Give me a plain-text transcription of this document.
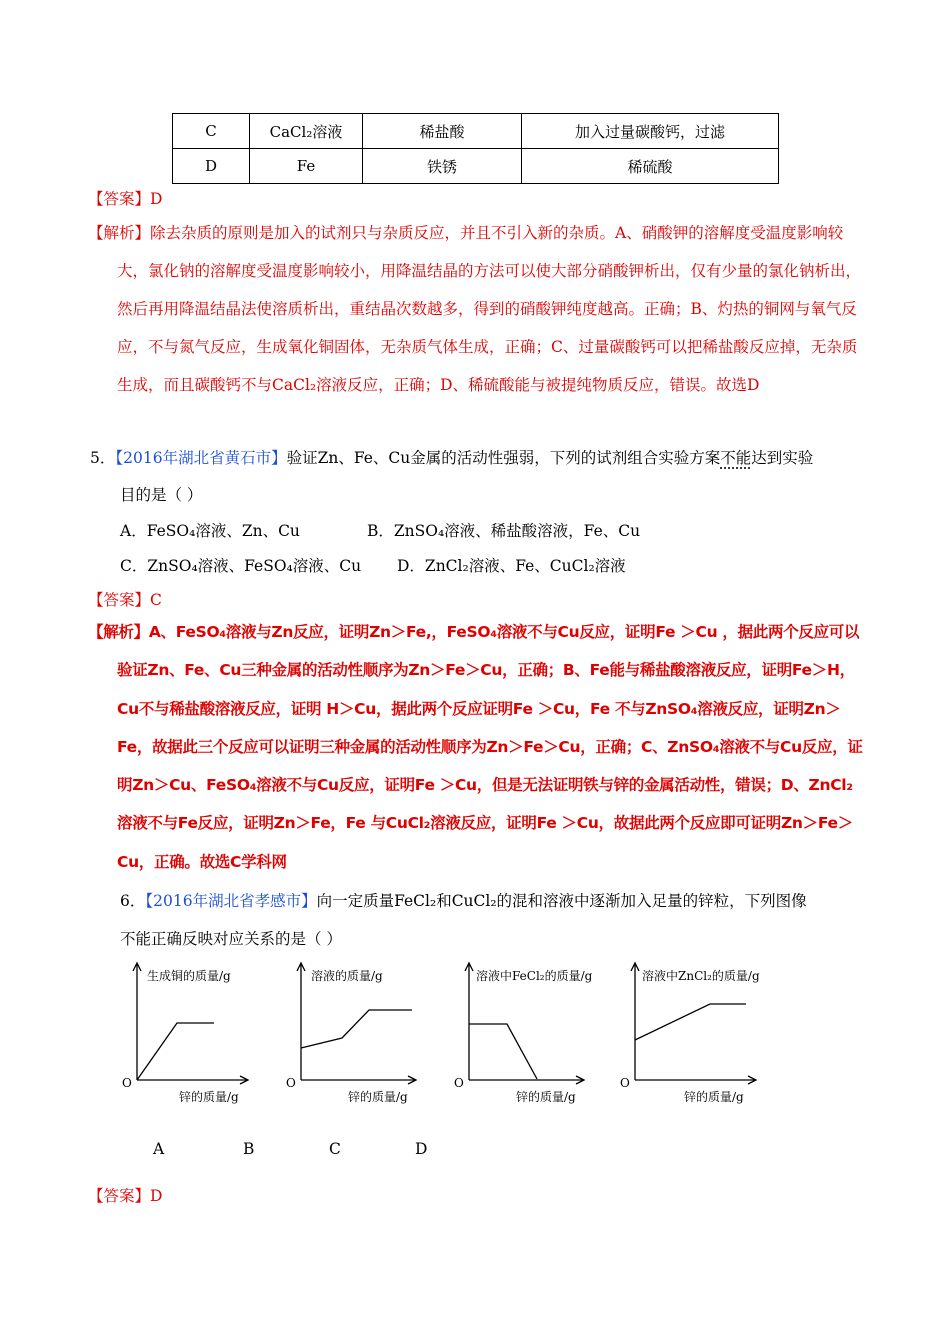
C	CaCl₂溶液	稀盐酸	加入过量碳酸钙，过滤
D	Fe	铁锈	稀硫酸
【答案】D
【解析】除去杂质的原则是加入的试剂只与杂质反应，并且不引入新的杂质。A、硝酸钾的溶解度受温度影响较大，氯化钠的溶解度受温度影响较小，用降温结晶的方法可以使大部分硝酸钾析出，仅有少量的氯化钠析出，然后再用降温结晶法使溶质析出，重结晶次数越多，得到的硝酸钾纯度越高。正确；B、灼热的铜网与氧气反应，不与氮气反应，生成氧化铜固体，无杂质气体生成，正确；C、过量碳酸钙可以把稀盐酸反应掉，无杂质生成，而且碳酸钙不与CaCl₂溶液反应，正确；D、稀硫酸能与被提纯物质反应，错误。故选D
5．【2016年湖北省黄石市】验证Zn、Fe、Cu金属的活动性强弱，下列的试剂组合实验方案不能达到实验
目的是（ ）
A．FeSO₄溶液、Zn、Cu	B．ZnSO₄溶液、稀盐酸溶液，Fe、Cu
C．ZnSO₄溶液、FeSO₄溶液、Cu D．ZnCl₂溶液、Fe、CuCl₂溶液
【答案】C
【解析】A、FeSO₄溶液与Zn反应，证明Zn＞Fe,，FeSO₄溶液不与Cu反应，证明Fe ＞Cu ，据此两个反应可以验证Zn、Fe、Cu三种金属的活动性顺序为Zn＞Fe＞Cu，正确；B、Fe能与稀盐酸溶液反应，证明Fe＞H，Cu不与稀盐酸溶液反应，证明 H＞Cu，据此两个反应证明Fe ＞Cu，Fe 不与ZnSO₄溶液反应，证明Zn＞Fe，故据此三个反应可以证明三种金属的活动性顺序为Zn＞Fe＞Cu，正确；C、ZnSO₄溶液不与Cu反应，证明Zn＞Cu、FeSO₄溶液不与Cu反应，证明Fe ＞Cu，但是无法证明铁与锌的金属活动性，错误；D、ZnCl₂溶液不与Fe反应，证明Zn＞Fe，Fe 与CuCl₂溶液反应，证明Fe ＞Cu，故据此两个反应即可证明Zn＞Fe＞Cu，正确。故选C学科网
6．【2016年湖北省孝感市】向一定质量FeCl₂和CuCl₂的混和溶液中逐渐加入足量的锌粒，下列图像
不能正确反映对应关系的是（ ）
生成铜的质量/g
O
锌的质量/g
溶液的质量/g
O
锌的质量/g
溶液中FeCl₂的质量/g
O
锌的质量/g
溶液中ZnCl₂的质量/g
O
锌的质量/g
A	B	C	D
【答案】D
